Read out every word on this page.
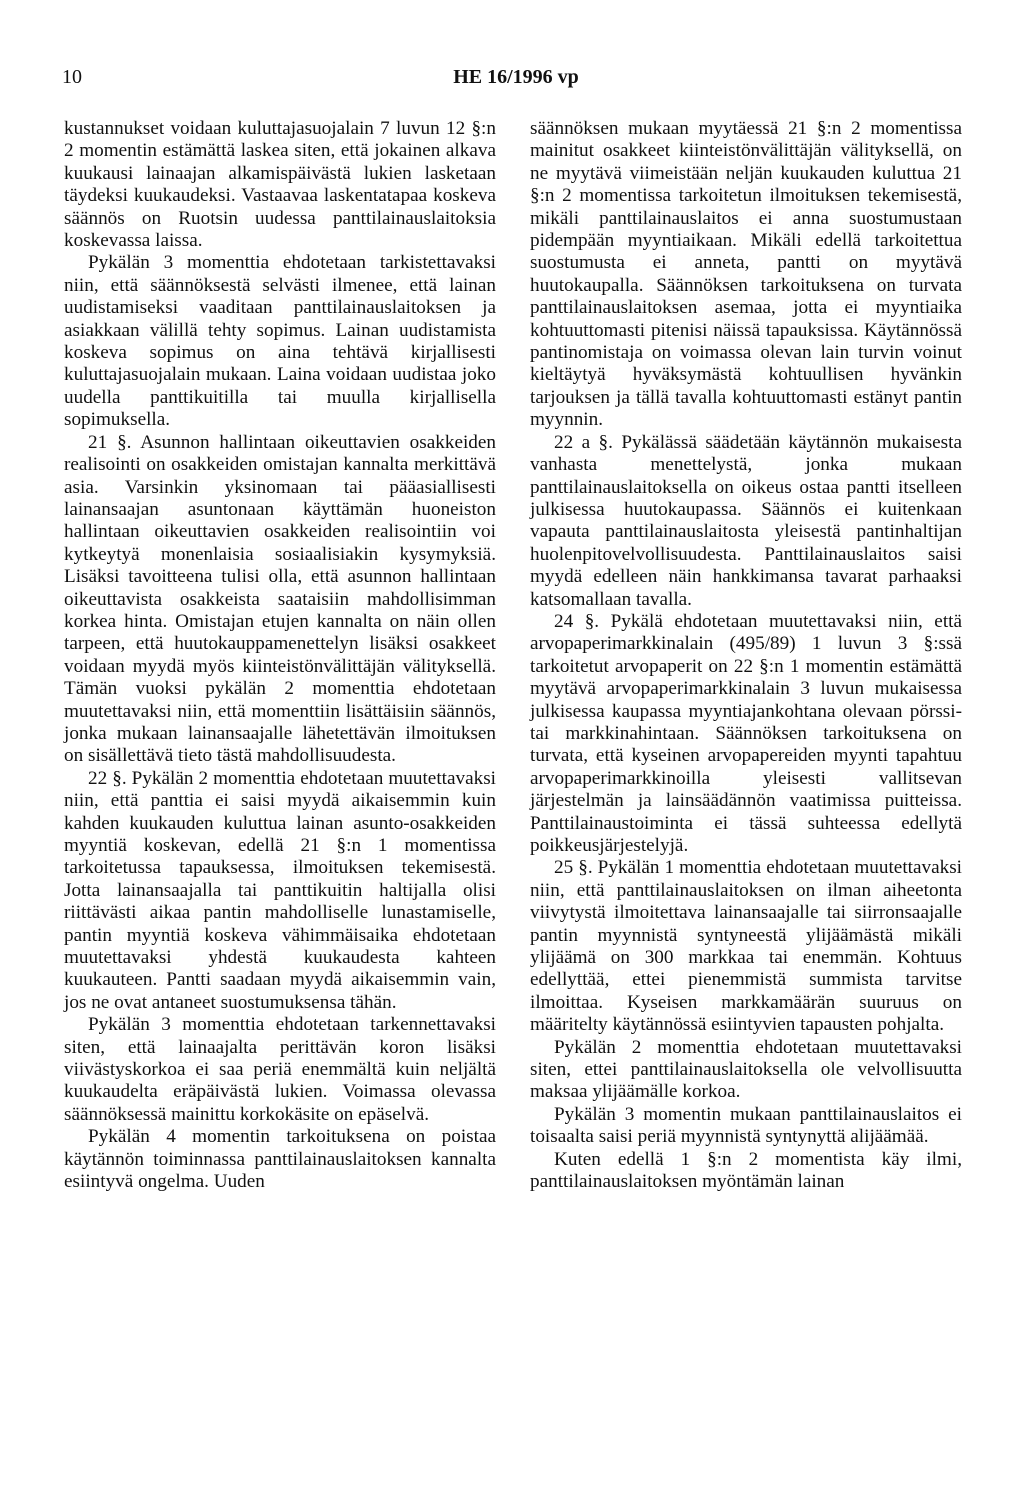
10	HE 16/1996 vp

kustannukset voidaan kuluttajasuojalain 7 luvun 12 §:n 2 momentin estämättä laskea siten, että jokainen alkava kuukausi lainaajan alkamispäivästä lukien lasketaan täydeksi kuukaudeksi. Vastaavaa laskentatapaa koskeva säännös on Ruotsin uudessa panttilainauslaitoksia koskevassa laissa.

Pykälän 3 momenttia ehdotetaan tarkistettavaksi niin, että säännöksestä selvästi ilmenee, että lainan uudistamiseksi vaaditaan panttilainauslaitoksen ja asiakkaan välillä tehty sopimus. Lainan uudistamista koskeva sopimus on aina tehtävä kirjallisesti kuluttajasuojalain mukaan. Laina voidaan uudistaa joko uudella panttikuitilla tai muulla kirjallisella sopimuksella.

21 §. Asunnon hallintaan oikeuttavien osakkeiden realisointi on osakkeiden omistajan kannalta merkittävä asia. Varsinkin yksinomaan tai pääasiallisesti lainansaajan asuntonaan käyttämän huoneiston hallintaan oikeuttavien osakkeiden realisointiin voi kytkeytyä monenlaisia sosiaalisiakin kysymyksiä. Lisäksi tavoitteena tulisi olla, että asunnon hallintaan oikeuttavista osakkeista saataisiin mahdollisimman korkea hinta. Omistajan etujen kannalta on näin ollen tarpeen, että huutokauppamenettelyn lisäksi osakkeet voidaan myydä myös kiinteistönvälittäjän välityksellä. Tämän vuoksi pykälän 2 momenttia ehdotetaan muutettavaksi niin, että momenttiin lisättäisiin säännös, jonka mukaan lainansaajalle lähetettävän ilmoituksen on sisällettävä tieto tästä mahdollisuudesta.

22 §. Pykälän 2 momenttia ehdotetaan muutettavaksi niin, että panttia ei saisi myydä aikaisemmin kuin kahden kuukauden kuluttua lainan asunto-osakkeiden myyntiä koskevan, edellä 21 §:n 1 momentissa tarkoitetussa tapauksessa, ilmoituksen tekemisestä. Jotta lainansaajalla tai panttikuitin haltijalla olisi riittävästi aikaa pantin mahdolliselle lunastamiselle, pantin myyntiä koskeva vähimmäisaika ehdotetaan muutettavaksi yhdestä kuukaudesta kahteen kuukauteen. Pantti saadaan myydä aikaisemmin vain, jos ne ovat antaneet suostumuksensa tähän.

Pykälän 3 momenttia ehdotetaan tarkennettavaksi siten, että lainaajalta perittävän koron lisäksi viivästyskorkoa ei saa periä enemmältä kuin neljältä kuukaudelta eräpäivästä lukien. Voimassa olevassa säännöksessä mainittu korkokäsite on epäselvä.

Pykälän 4 momentin tarkoituksena on poistaa käytännön toiminnassa panttilainauslaitoksen kannalta esiintyvä ongelma. Uuden

säännöksen mukaan myytäessä 21 §:n 2 momentissa mainitut osakkeet kiinteistönvälittäjän välityksellä, on ne myytävä viimeistään neljän kuukauden kuluttua 21 §:n 2 momentissa tarkoitetun ilmoituksen tekemisestä, mikäli panttilainauslaitos ei anna suostumustaan pidempään myyntiaikaan. Mikäli edellä tarkoitettua suostumusta ei anneta, pantti on myytävä huutokaupalla. Säännöksen tarkoituksena on turvata panttilainauslaitoksen asemaa, jotta ei myyntiaika kohtuuttomasti pitenisi näissä tapauksissa. Käytännössä pantinomistaja on voimassa olevan lain turvin voinut kieltäytyä hyväksymästä kohtuullisen hyvänkin tarjouksen ja tällä tavalla kohtuuttomasti estänyt pantin myynnin.

22 a §. Pykälässä säädetään käytännön mukaisesta vanhasta menettelystä, jonka mukaan panttilainauslaitoksella on oikeus ostaa pantti itselleen julkisessa huutokaupassa. Säännös ei kuitenkaan vapauta panttilainauslaitosta yleisestä pantinhaltijan huolenpitovelvollisuudesta. Panttilainauslaitos saisi myydä edelleen näin hankkimansa tavarat parhaaksi katsomallaan tavalla.

24 §. Pykälä ehdotetaan muutettavaksi niin, että arvopaperimarkkinalain (495/89) 1 luvun 3 §:ssä tarkoitetut arvopaperit on 22 §:n 1 momentin estämättä myytävä arvopaperimarkkinalain 3 luvun mukaisessa julkisessa kaupassa myyntiajankohtana olevaan pörssi- tai markkinahintaan. Säännöksen tarkoituksena on turvata, että kyseinen arvopapereiden myynti tapahtuu arvopaperimarkkinoilla yleisesti vallitsevan järjestelmän ja lainsäädännön vaatimissa puitteissa. Panttilainaustoiminta ei tässä suhteessa edellytä poikkeusjärjestelyjä.

25 §. Pykälän 1 momenttia ehdotetaan muutettavaksi niin, että panttilainauslaitoksen on ilman aiheetonta viivytystä ilmoitettava lainansaajalle tai siirronsaajalle pantin myynnistä syntyneestä ylijäämästä mikäli ylijäämä on 300 markkaa tai enemmän. Kohtuus edellyttää, ettei pienemmistä summista tarvitse ilmoittaa. Kyseisen markkamäärän suuruus on määritelty käytännössä esiintyvien tapausten pohjalta.

Pykälän 2 momenttia ehdotetaan muutettavaksi siten, ettei panttilainauslaitoksella ole velvollisuutta maksaa ylijäämälle korkoa.

Pykälän 3 momentin mukaan panttilainauslaitos ei toisaalta saisi periä myynnistä syntynyttä alijäämää.

Kuten edellä 1 §:n 2 momentista käy ilmi, panttilainauslaitoksen myöntämän lainan
